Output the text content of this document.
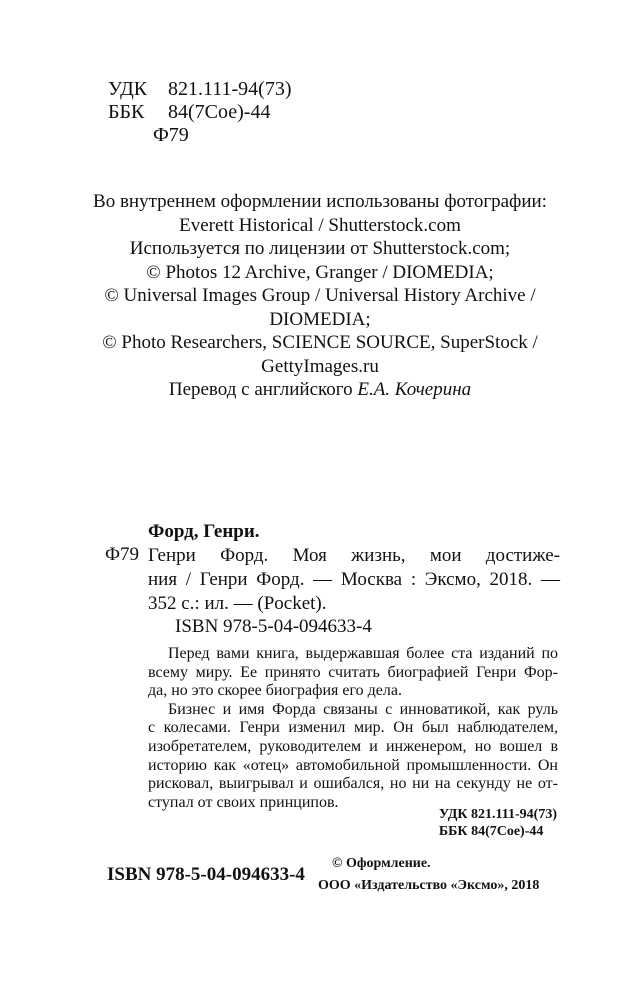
УДК 821.111-94(73)
ББК 84(7Сое)-44
Ф79
Во внутреннем оформлении использованы фотографии:
Everett Historical / Shutterstock.com
Используется по лицензии от Shutterstock.com;
© Photos 12 Archive, Granger / DIOMEDIA;
© Universal Images Group / Universal History Archive /
DIOMEDIA;
© Photo Researchers, SCIENCE SOURCE, SuperStock /
GettyImages.ru
Перевод с английского Е.А. Кочерина
Форд, Генри.
Ф79 Генри Форд. Моя жизнь, мои достиже-
ния / Генри Форд. — Москва : Эксмо, 2018. —
352 с.: ил. — (Pocket).
ISBN 978-5-04-094633-4
Перед вами книга, выдержавшая более ста изданий по
всему миру. Ее принято считать биографией Генри Фор-
да, но это скорее биография его дела.
Бизнес и имя Форда связаны с инноватикой, как руль
с колесами. Генри изменил мир. Он был наблюдателем,
изобретателем, руководителем и инженером, но вошел в
историю как «отец» автомобильной промышленности. Он
рисковал, выигрывал и ошибался, но ни на секунду не от-
ступал от своих принципов.
УДК 821.111-94(73)
ББК 84(7Сое)-44
ISBN 978-5-04-094633-4
© Оформление.
ООО «Издательство «Эксмо», 2018
